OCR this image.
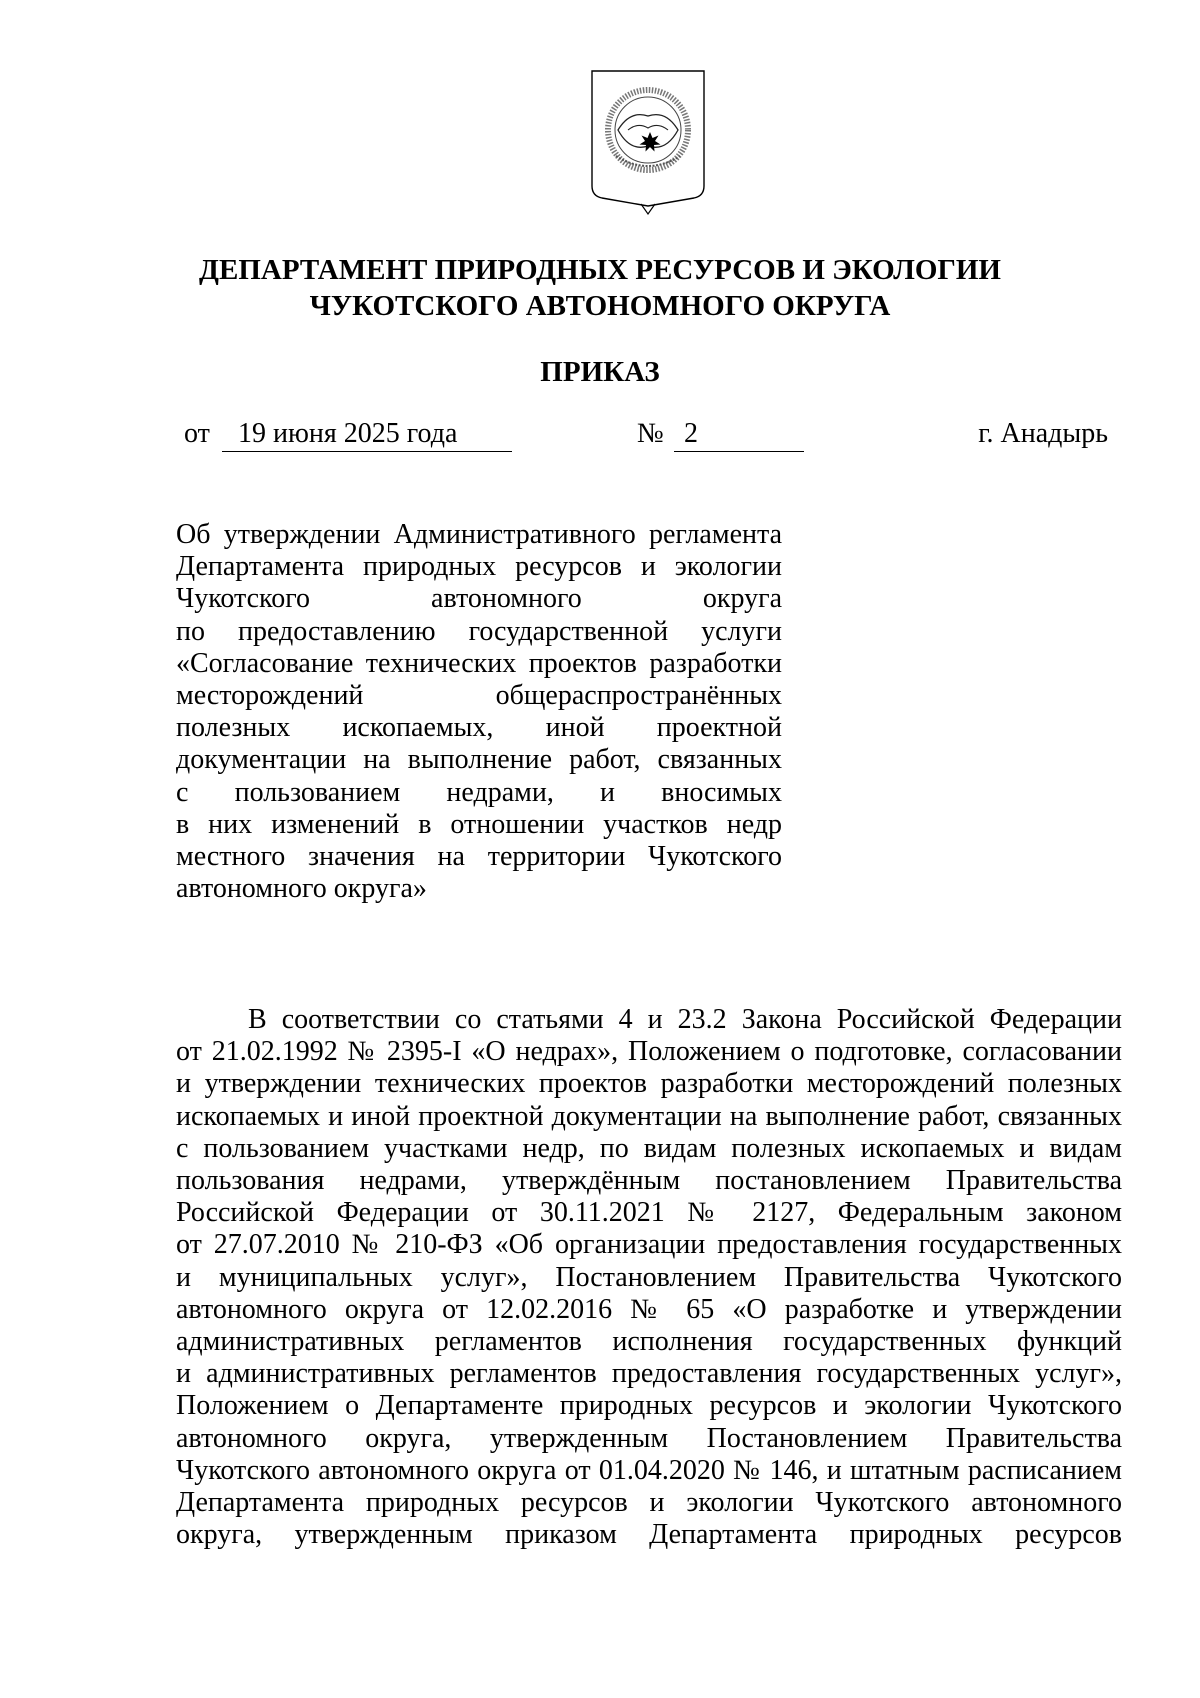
ДЕПАРТАМЕНТ ПРИРОДНЫХ РЕСУРСОВ И ЭКОЛОГИИ
ЧУКОТСКОГО АВТОНОМНОГО ОКРУГА
ПРИКАЗ
от 19 июня 2025 года	№ 2	г. Анадырь
Об утверждении Административного регламента
Департамента природных ресурсов и экологии
Чукотского автономного округа
по предоставлению государственной услуги
«Согласование технических проектов разработки
месторождений общераспространённых
полезных ископаемых, иной проектной
документации на выполнение работ, связанных
с пользованием недрами, и вносимых
в них изменений в отношении участков недр
местного значения на территории Чукотского
автономного округа»
В соответствии со статьями 4 и 23.2 Закона Российской Федерации
от 21.02.1992 № 2395-I «О недрах», Положением о подготовке, согласовании
и утверждении технических проектов разработки месторождений полезных
ископаемых и иной проектной документации на выполнение работ, связанных
с пользованием участками недр, по видам полезных ископаемых и видам
пользования недрами, утверждённым постановлением Правительства
Российской Федерации от 30.11.2021 № 2127, Федеральным законом
от 27.07.2010 № 210-ФЗ «Об организации предоставления государственных
и муниципальных услуг», Постановлением Правительства Чукотского
автономного округа от 12.02.2016 № 65 «О разработке и утверждении
административных регламентов исполнения государственных функций
и административных регламентов предоставления государственных услуг»,
Положением о Департаменте природных ресурсов и экологии Чукотского
автономного округа, утвержденным Постановлением Правительства
Чукотского автономного округа от 01.04.2020 № 146, и штатным расписанием
Департамента природных ресурсов и экологии Чукотского автономного
округа, утвержденным приказом Департамента природных ресурсов
